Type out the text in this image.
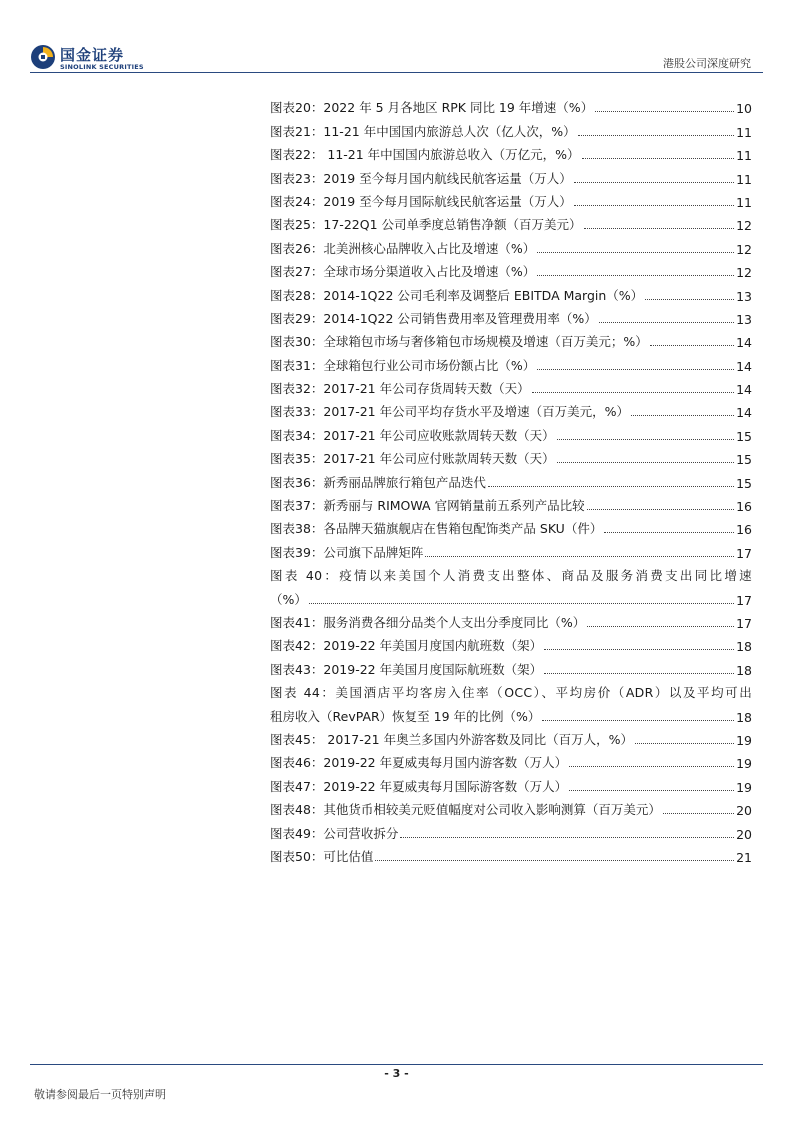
国金证券
SINOLINK SECURITIES	港股公司深度研究
图表20：2022 年 5 月各地区 RPK 同比 19 年增速（%）	10
图表21：11-21 年中国国内旅游总人次（亿人次，%）	11
图表22： 11-21 年中国国内旅游总收入（万亿元，%）	11
图表23：2019 至今每月国内航线民航客运量（万人）	11
图表24：2019 至今每月国际航线民航客运量（万人）	11
图表25：17-22Q1 公司单季度总销售净额（百万美元）	12
图表26：北美洲核心品牌收入占比及增速（%）	12
图表27：全球市场分渠道收入占比及增速（%）	12
图表28：2014-1Q22 公司毛利率及调整后 EBITDA Margin（%）	13
图表29：2014-1Q22 公司销售费用率及管理费用率（%）	13
图表30：全球箱包市场与奢侈箱包市场规模及增速（百万美元；%）	14
图表31：全球箱包行业公司市场份额占比（%）	14
图表32：2017-21 年公司存货周转天数（天）	14
图表33：2017-21 年公司平均存货水平及增速（百万美元，%）	14
图表34：2017-21 年公司应收账款周转天数（天）	15
图表35：2017-21 年公司应付账款周转天数（天）	15
图表36：新秀丽品牌旅行箱包产品迭代	15
图表37：新秀丽与 RIMOWA 官网销量前五系列产品比较	16
图表38：各品牌天猫旗舰店在售箱包配饰类产品 SKU（件）	16
图表39：公司旗下品牌矩阵	17
图表 40：疫情以来美国个人消费支出整体、商品及服务消费支出同比增速
（%）	17
图表41：服务消费各细分品类个人支出分季度同比（%）	17
图表42：2019-22 年美国月度国内航班数（架）	18
图表43：2019-22 年美国月度国际航班数（架）	18
图表 44：美国酒店平均客房入住率（OCC）、平均房价（ADR）以及平均可出
租房收入（RevPAR）恢复至 19 年的比例（%）	18
图表45： 2017-21 年奥兰多国内外游客数及同比（百万人，%）	19
图表46：2019-22 年夏威夷每月国内游客数（万人）	19
图表47：2019-22 年夏威夷每月国际游客数（万人）	19
图表48：其他货币相较美元贬值幅度对公司收入影响测算（百万美元）	20
图表49：公司营收拆分	20
图表50：可比估值	21
- 3 -
敬请参阅最后一页特别声明
